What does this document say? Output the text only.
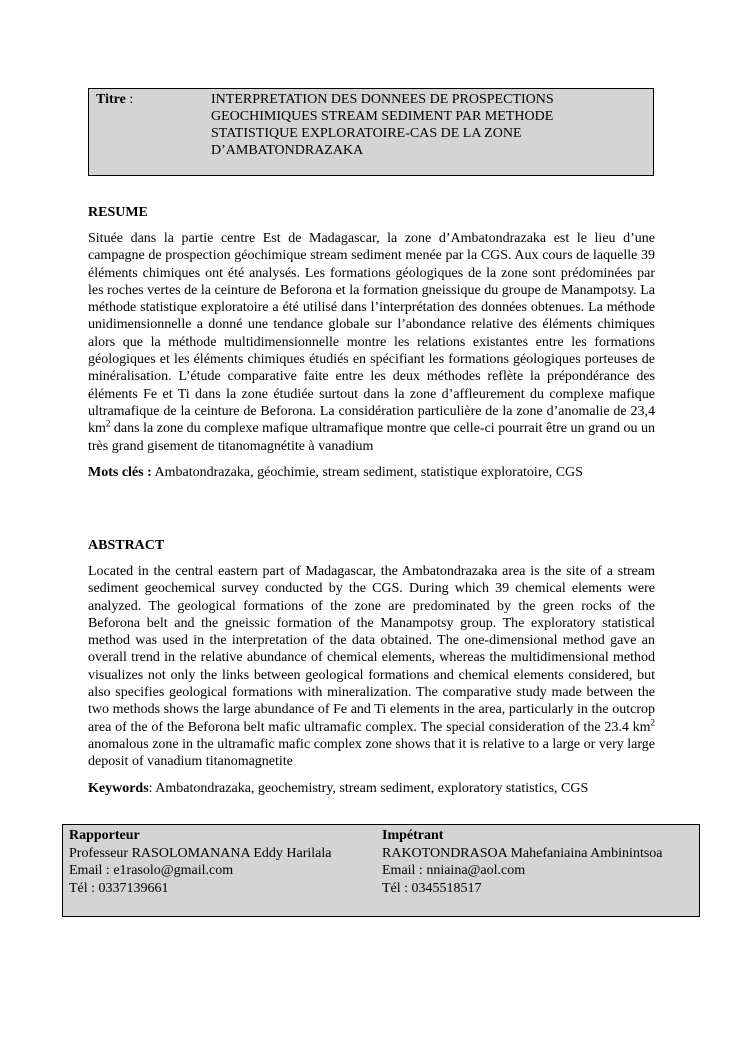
Titre :	INTERPRETATION DES DONNEES DE PROSPECTIONS GEOCHIMIQUES STREAM SEDIMENT PAR METHODE STATISTIQUE EXPLORATOIRE-CAS DE LA ZONE D’AMBATONDRAZAKA
RESUME
Située dans la partie centre Est de Madagascar, la zone d’Ambatondrazaka est le lieu d’une campagne de prospection géochimique stream sediment menée par la CGS. Aux cours de laquelle 39 éléments chimiques ont été analysés. Les formations géologiques de la zone sont prédominées par les roches vertes de la ceinture de Beforona et la formation gneissique du groupe de Manampotsy. La méthode statistique exploratoire a été utilisé dans l’interprétation des données obtenues. La méthode unidimensionnelle a donné une tendance globale sur l’abondance relative des éléments chimiques alors que la méthode multidimensionnelle montre les relations existantes entre les formations géologiques et les éléments chimiques étudiés en spécifiant les formations géologiques porteuses de minéralisation. L’étude comparative faite entre les deux méthodes reflète la prépondérance des éléments Fe et Ti dans la zone étudiée surtout dans la zone d’affleurement du complexe mafique ultramafique de la ceinture de Beforona. La considération particulière de la zone d’anomalie de 23,4 $km^2$ dans la zone du complexe mafique ultramafique montre que celle-ci pourrait être un grand ou un très grand gisement de titanomagnétite à vanadium
Mots clés : Ambatondrazaka, géochimie, stream sediment, statistique exploratoire, CGS
ABSTRACT
Located in the central eastern part of Madagascar, the Ambatondrazaka area is the site of a stream sediment geochemical survey conducted by the CGS. During which 39 chemical elements were analyzed. The geological formations of the zone are predominated by the green rocks of the Beforona belt and the gneissic formation of the Manampotsy group. The exploratory statistical method was used in the interpretation of the data obtained. The one-dimensional method gave an overall trend in the relative abundance of chemical elements, whereas the multidimensional method visualizes not only the links between geological formations and chemical elements considered, but also specifies geological formations with mineralization. The comparative study made between the two methods shows the large abundance of Fe and Ti elements in the area, particularly in the outcrop area of the of the Beforona belt mafic ultramafic complex. The special consideration of the 23.4 $km^2$ anomalous zone in the ultramafic mafic complex zone shows that it is relative to a large or very large deposit of vanadium titanomagnetite
Keywords: Ambatondrazaka, geochemistry, stream sediment, exploratory statistics, CGS
Rapporteur
Professeur RASOLOMANANA Eddy Harilala
Email : e1rasolo@gmail.com
Tél : 0337139661
Impétrant
RAKOTONDRASOA Mahefaniaina Ambinintsoa
Email : nniaina@aol.com
Tél : 0345518517
